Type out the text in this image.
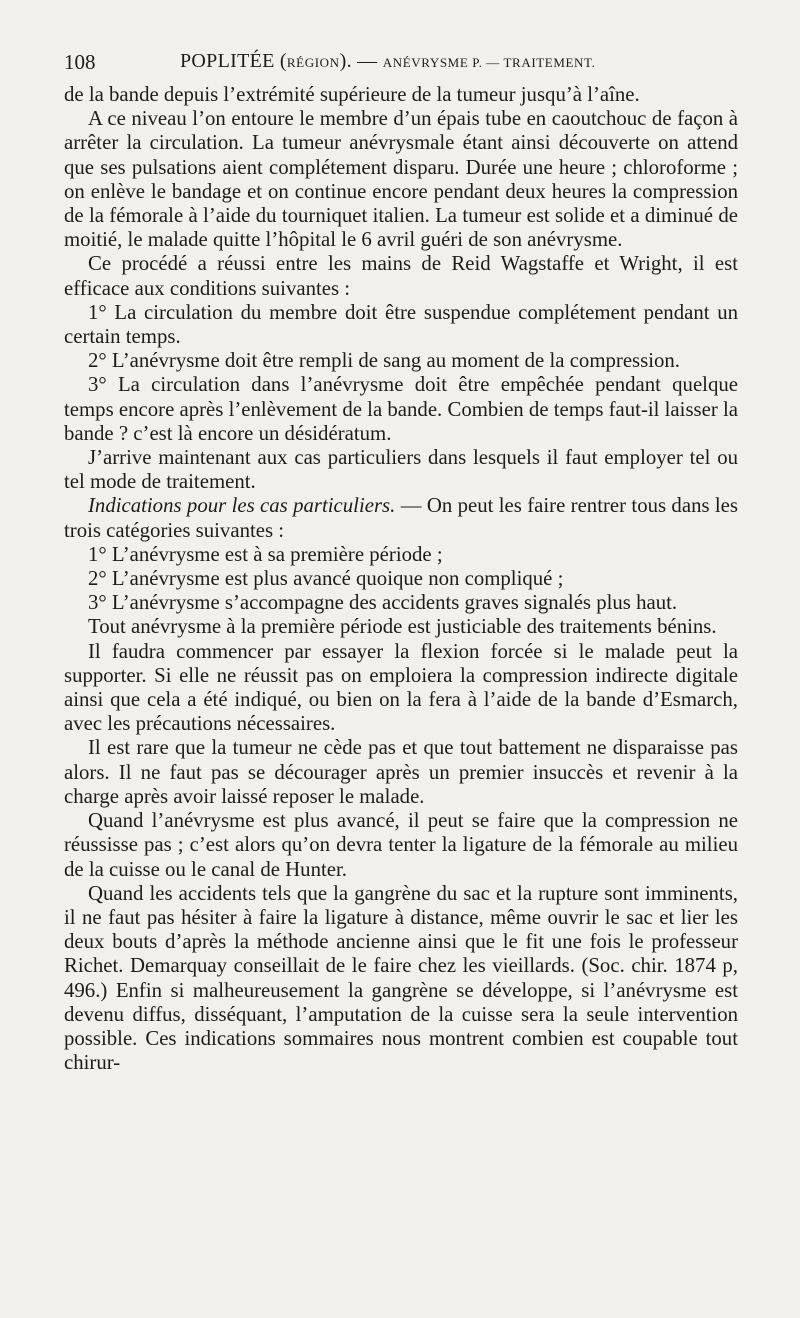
108	POPLITÉE (RÉGION). — ANÉVRYSME P. — TRAITEMENT.

de la bande depuis l’extrémité supérieure de la tumeur jusqu’à l’aîne.

A ce niveau l’on entoure le membre d’un épais tube en caoutchouc de façon à arrêter la circulation. La tumeur anévrysmale étant ainsi découverte on attend que ses pulsations aient complétement disparu. Durée une heure ; chloroforme ; on enlève le bandage et on continue encore pendant deux heures la compression de la fémorale à l’aide du tourniquet italien. La tumeur est solide et a diminué de moitié, le malade quitte l’hôpital le 6 avril guéri de son anévrysme.

Ce procédé a réussi entre les mains de Reid Wagstaffe et Wright, il est efficace aux conditions suivantes :

1° La circulation du membre doit être suspendue complétement pendant un certain temps.

2° L’anévrysme doit être rempli de sang au moment de la compression.

3° La circulation dans l’anévrysme doit être empêchée pendant quelque temps encore après l’enlèvement de la bande. Combien de temps faut-il laisser la bande ? c’est là encore un désidératum.

J’arrive maintenant aux cas particuliers dans lesquels il faut employer tel ou tel mode de traitement.

Indications pour les cas particuliers. — On peut les faire rentrer tous dans les trois catégories suivantes :

1° L’anévrysme est à sa première période ;

2° L’anévrysme est plus avancé quoique non compliqué ;

3° L’anévrysme s’accompagne des accidents graves signalés plus haut.

Tout anévrysme à la première période est justiciable des traitements bénins.

Il faudra commencer par essayer la flexion forcée si le malade peut la supporter. Si elle ne réussit pas on emploiera la compression indirecte digitale ainsi que cela a été indiqué, ou bien on la fera à l’aide de la bande d’Esmarch, avec les précautions nécessaires.

Il est rare que la tumeur ne cède pas et que tout battement ne disparaisse pas alors. Il ne faut pas se décourager après un premier insuccès et revenir à la charge après avoir laissé reposer le malade.

Quand l’anévrysme est plus avancé, il peut se faire que la compression ne réussisse pas ; c’est alors qu’on devra tenter la ligature de la fémorale au milieu de la cuisse ou le canal de Hunter.

Quand les accidents tels que la gangrène du sac et la rupture sont imminents, il ne faut pas hésiter à faire la ligature à distance, même ouvrir le sac et lier les deux bouts d’après la méthode ancienne ainsi que le fit une fois le professeur Richet. Demarquay conseillait de le faire chez les vieillards. (Soc. chir. 1874 p, 496.) Enfin si malheureusement la gangrène se développe, si l’anévrysme est devenu diffus, disséquant, l’amputation de la cuisse sera la seule intervention possible. Ces indications sommaires nous montrent combien est coupable tout chirur-
